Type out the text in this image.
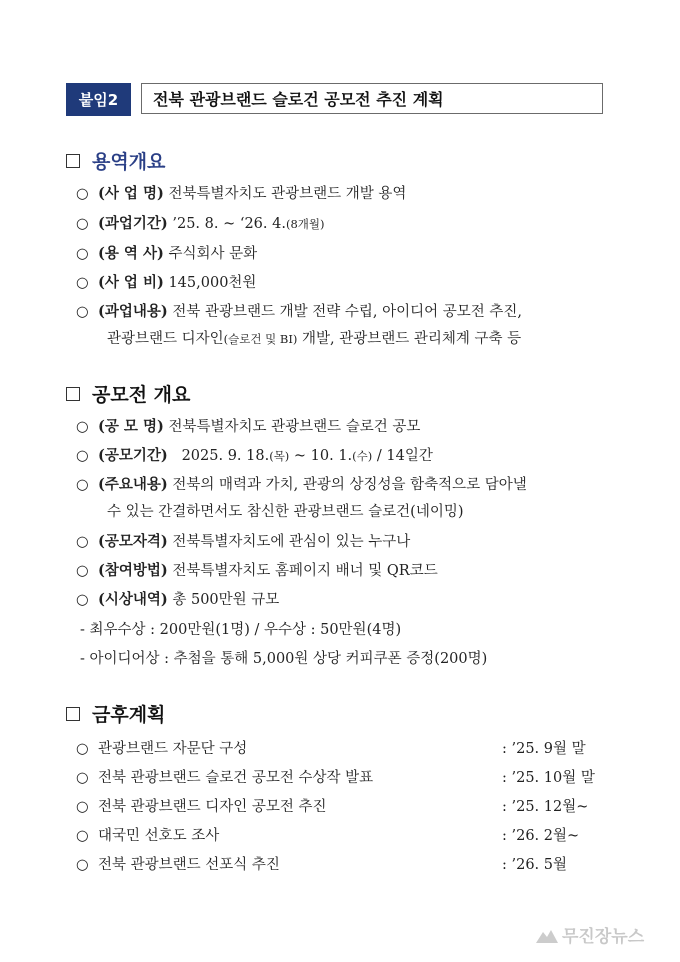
붙임2	전북 관광브랜드 슬로건 공모전 추진 계획
용역개요
○ (사 업 명) 전북특별자치도 관광브랜드 개발 용역
○ (과업기간) ’25. 8. ~ ‘26. 4.(8개월)
○ (용 역 사) 주식회사 문화
○ (사 업 비) 145,000천원
○ (과업내용) 전북 관광브랜드 개발 전략 수립, 아이디어 공모전 추진,
관광브랜드 디자인(슬로건 및 BI) 개발, 관광브랜드 관리체계 구축 등
공모전 개요
○ (공 모 명) 전북특별자치도 관광브랜드 슬로건 공모
○ (공모기간) 2025. 9. 18.(목) ~ 10. 1.(수) / 14일간
○ (주요내용) 전북의 매력과 가치, 관광의 상징성을 함축적으로 담아낼
수 있는 간결하면서도 참신한 관광브랜드 슬로건(네이밍)
○ (공모자격) 전북특별자치도에 관심이 있는 누구나
○ (참여방법) 전북특별자치도 홈페이지 배너 및 QR코드
○ (시상내역) 총 500만원 규모
- 최우수상 : 200만원(1명) / 우수상 : 50만원(4명)
- 아이디어상 : 추첨을 통해 5,000원 상당 커피쿠폰 증정(200명)
금후계획
○ 관광브랜드 자문단 구성	: ’25. 9월 말
○ 전북 관광브랜드 슬로건 공모전 수상작 발표	: ’25. 10월 말
○ 전북 관광브랜드 디자인 공모전 추진	: ’25. 12월~
○ 대국민 선호도 조사	: ’26. 2월~
○ 전북 관광브랜드 선포식 추진	: ’26. 5월
무진장뉴스
